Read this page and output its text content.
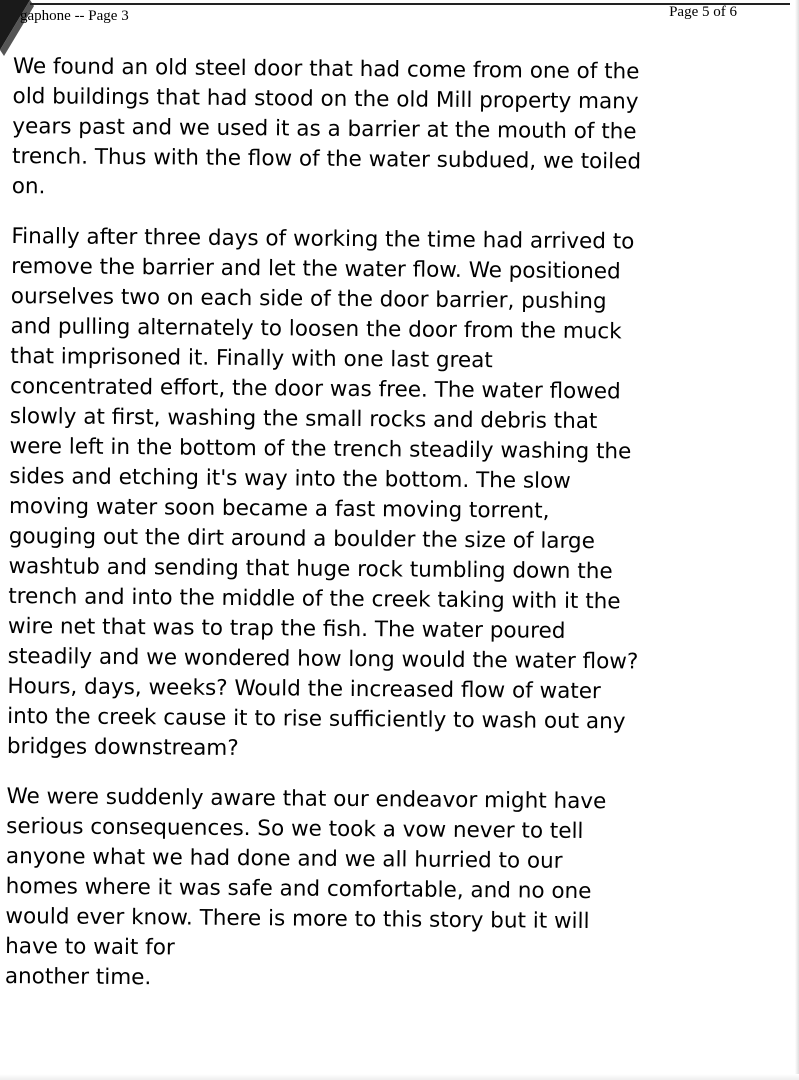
gaphone -- Page 3	Page 5 of 6
We found an old steel door that had come from one of the
old buildings that had stood on the old Mill property many
years past and we used it as a barrier at the mouth of the
trench. Thus with the flow of the water subdued, we toiled
on.
Finally after three days of working the time had arrived to
remove the barrier and let the water flow. We positioned
ourselves two on each side of the door barrier, pushing
and pulling alternately to loosen the door from the muck
that imprisoned it. Finally with one last great
concentrated effort, the door was free. The water flowed
slowly at first, washing the small rocks and debris that
were left in the bottom of the trench steadily washing the
sides and etching it's way into the bottom. The slow
moving water soon became a fast moving torrent,
gouging out the dirt around a boulder the size of large
washtub and sending that huge rock tumbling down the
trench and into the middle of the creek taking with it the
wire net that was to trap the fish. The water poured
steadily and we wondered how long would the water flow?
Hours, days, weeks? Would the increased flow of water
into the creek cause it to rise sufficiently to wash out any
bridges downstream?
We were suddenly aware that our endeavor might have
serious consequences. So we took a vow never to tell
anyone what we had done and we all hurried to our
homes where it was safe and comfortable, and no one
would ever know. There is more to this story but it will
have to wait for
another time.
